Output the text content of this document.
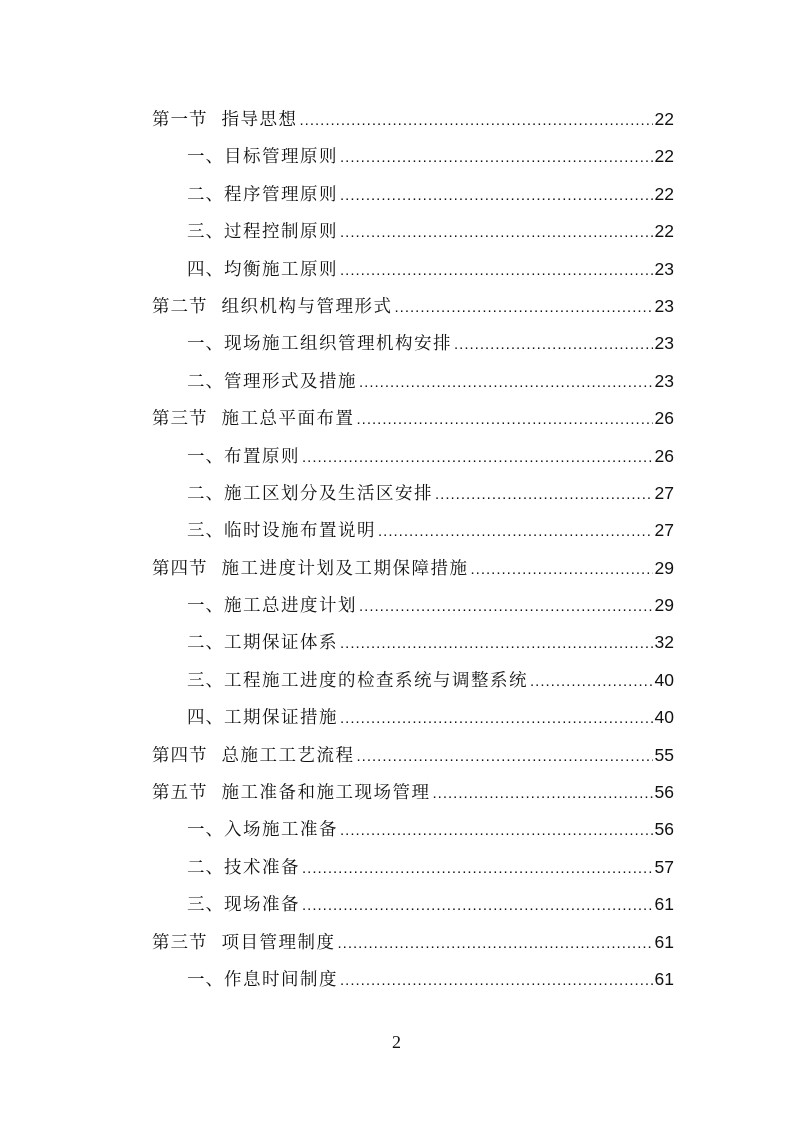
第一节 指导思想 .....	22
一、 目标管理原则 .....	22
二、 程序管理原则 .....	22
三、 过程控制原则 .....	22
四、 均衡施工原则 .....	23
第二节 组织机构与管理形式 .....	23
一、 现场施工组织管理机构安排 .....	23
二、 管理形式及措施 .....	23
第三节 施工总平面布置 .....	26
一、 布置原则 .....	26
二、 施工区划分及生活区安排 .....	27
三、 临时设施布置说明 .....	27
第四节 施工进度计划及工期保障措施 .....	29
一、 施工总进度计划 .....	29
二、 工期保证体系 .....	32
三、 工程施工进度的检查系统与调整系统 .....	40
四、 工期保证措施 .....	40
第四节 总施工工艺流程 .....	55
第五节 施工准备和施工现场管理 .....	56
一、 入场施工准备 .....	56
二、 技术准备 .....	57
三、 现场准备 .....	61
第三节 项目管理制度 .....	61
一、 作息时间制度 .....	61
2
